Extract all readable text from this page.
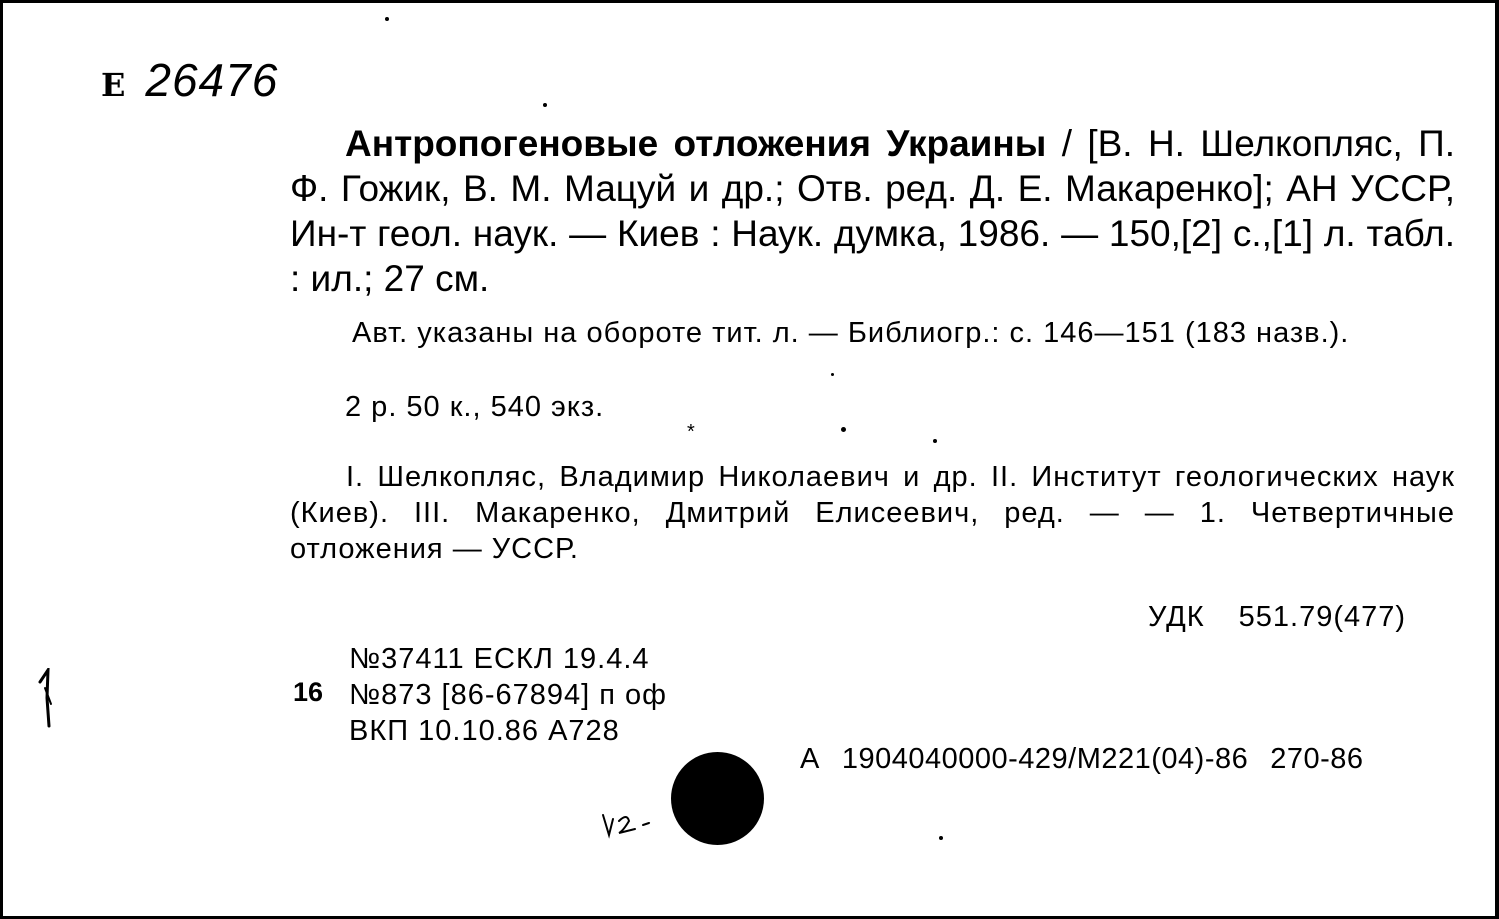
Е 26476
Антропогеновые отложения Украины / [В. Н. Шелкопляс, П. Ф. Гожик, В. М. Мацуй и др.; Отв. ред. Д. Е. Макаренко]; АН УССР, Ин-т геол. наук. — Киев : Наук. думка, 1986. — 150,[2] с.,[1] л. табл. : ил.; 27 см.
Авт. указаны на обороте тит. л. — Библиогр.: с. 146—151 (183 назв.).
2 р. 50 к., 540 экз.
*
I. Шелкопляс, Владимир Николаевич и др. II. Институт геологических наук (Киев). III. Макаренко, Дмитрий Елисеевич, ред. — — 1. Четвертичные отложения — УССР.
УДК 551.79(477)
16
№37411 ЕСКЛ 19.4.4
№873 [86-67894] п оф
ВКП 10.10.86 А728
А 1904040000-429/М221(04)-86 270-86
